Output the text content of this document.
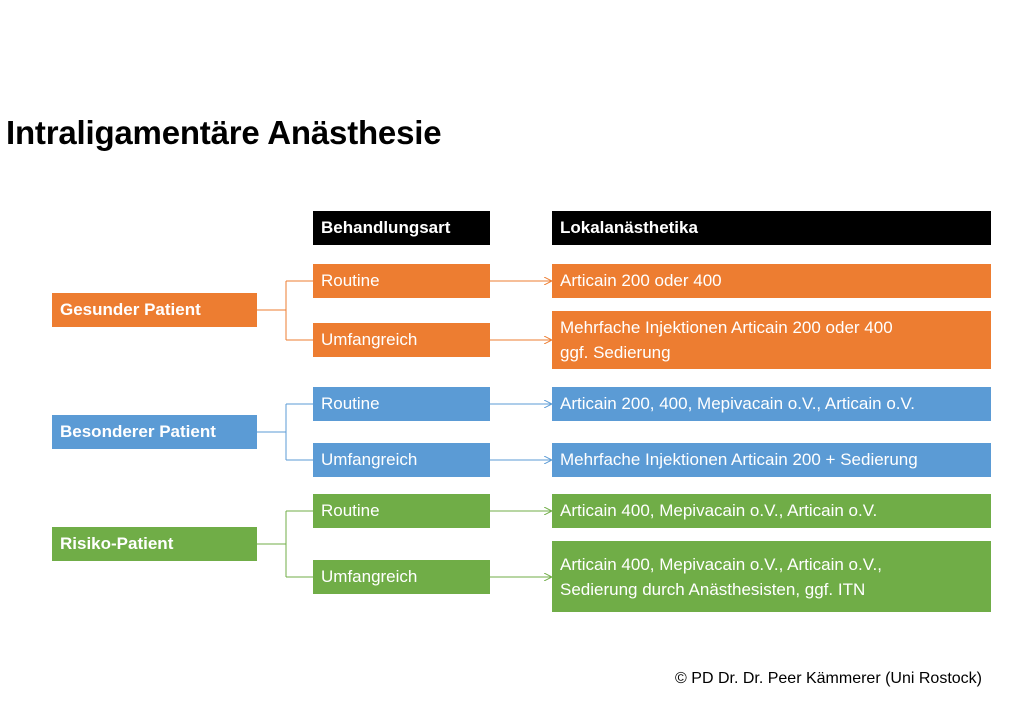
Intraligamentäre Anästhesie
Behandlungsart	Lokalanästhetika
Gesunder Patient
Routine
Umfangreich
Articain 200 oder 400
Mehrfache Injektionen Articain 200 oder 400
ggf. Sedierung
Besonderer Patient
Routine
Umfangreich
Articain 200, 400, Mepivacain o.V., Articain o.V.
Mehrfache Injektionen Articain 200 + Sedierung
Risiko-Patient
Routine
Umfangreich
Articain 400, Mepivacain o.V., Articain o.V.
Articain 400, Mepivacain o.V., Articain o.V.,
Sedierung durch Anästhesisten, ggf. ITN
© PD Dr. Dr. Peer Kämmerer (Uni Rostock)
